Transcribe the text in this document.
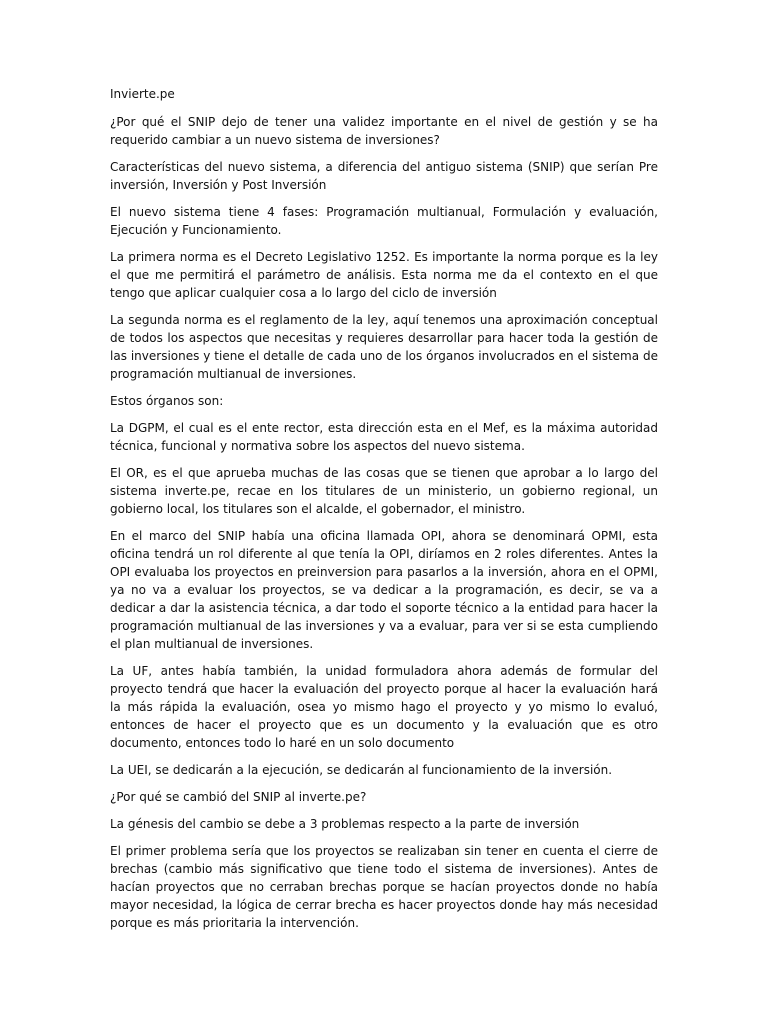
Invierte.pe

¿Por qué el SNIP dejo de tener una validez importante en el nivel de gestión y se ha requerido cambiar a un nuevo sistema de inversiones?

Características del nuevo sistema, a diferencia del antiguo sistema (SNIP) que serían Pre inversión, Inversión y Post Inversión

El nuevo sistema tiene 4 fases: Programación multianual, Formulación y evaluación, Ejecución y Funcionamiento.

La primera norma es el Decreto Legislativo 1252. Es importante la norma porque es la ley el que me permitirá el parámetro de análisis. Esta norma me da el contexto en el que tengo que aplicar cualquier cosa a lo largo del ciclo de inversión

La segunda norma es el reglamento de la ley, aquí tenemos una aproximación conceptual de todos los aspectos que necesitas y requieres desarrollar para hacer toda la gestión de las inversiones y tiene el detalle de cada uno de los órganos involucrados en el sistema de programación multianual de inversiones.

Estos órganos son:

La DGPM, el cual es el ente rector, esta dirección esta en el Mef, es la máxima autoridad técnica, funcional y normativa sobre los aspectos del nuevo sistema.

El OR, es el que aprueba muchas de las cosas que se tienen que aprobar a lo largo del sistema inverte.pe, recae en los titulares de un ministerio, un gobierno regional, un gobierno local, los titulares son el alcalde, el gobernador, el ministro.

En el marco del SNIP había una oficina llamada OPI, ahora se denominará OPMI, esta oficina tendrá un rol diferente al que tenía la OPI, diríamos en 2 roles diferentes. Antes la OPI evaluaba los proyectos en preinversion para pasarlos a la inversión, ahora en el OPMI, ya no va a evaluar los proyectos, se va dedicar a la programación, es decir, se va a dedicar a dar la asistencia técnica, a dar todo el soporte técnico a la entidad para hacer la programación multianual de las inversiones y va a evaluar, para ver si se esta cumpliendo el plan multianual de inversiones.

La UF, antes había también, la unidad formuladora ahora además de formular del proyecto tendrá que hacer la evaluación del proyecto porque al hacer la evaluación hará la más rápida la evaluación, osea yo mismo hago el proyecto y yo mismo lo evaluó, entonces de hacer el proyecto que es un documento y la evaluación que es otro documento, entonces todo lo haré en un solo documento

La UEI, se dedicarán a la ejecución, se dedicarán al funcionamiento de la inversión.

¿Por qué se cambió del SNIP al inverte.pe?

La génesis del cambio se debe a 3 problemas respecto a la parte de inversión

El primer problema sería que los proyectos se realizaban sin tener en cuenta el cierre de brechas (cambio más significativo que tiene todo el sistema de inversiones). Antes de hacían proyectos que no cerraban brechas porque se hacían proyectos donde no había mayor necesidad, la lógica de cerrar brecha es hacer proyectos donde hay más necesidad porque es más prioritaria la intervención.
